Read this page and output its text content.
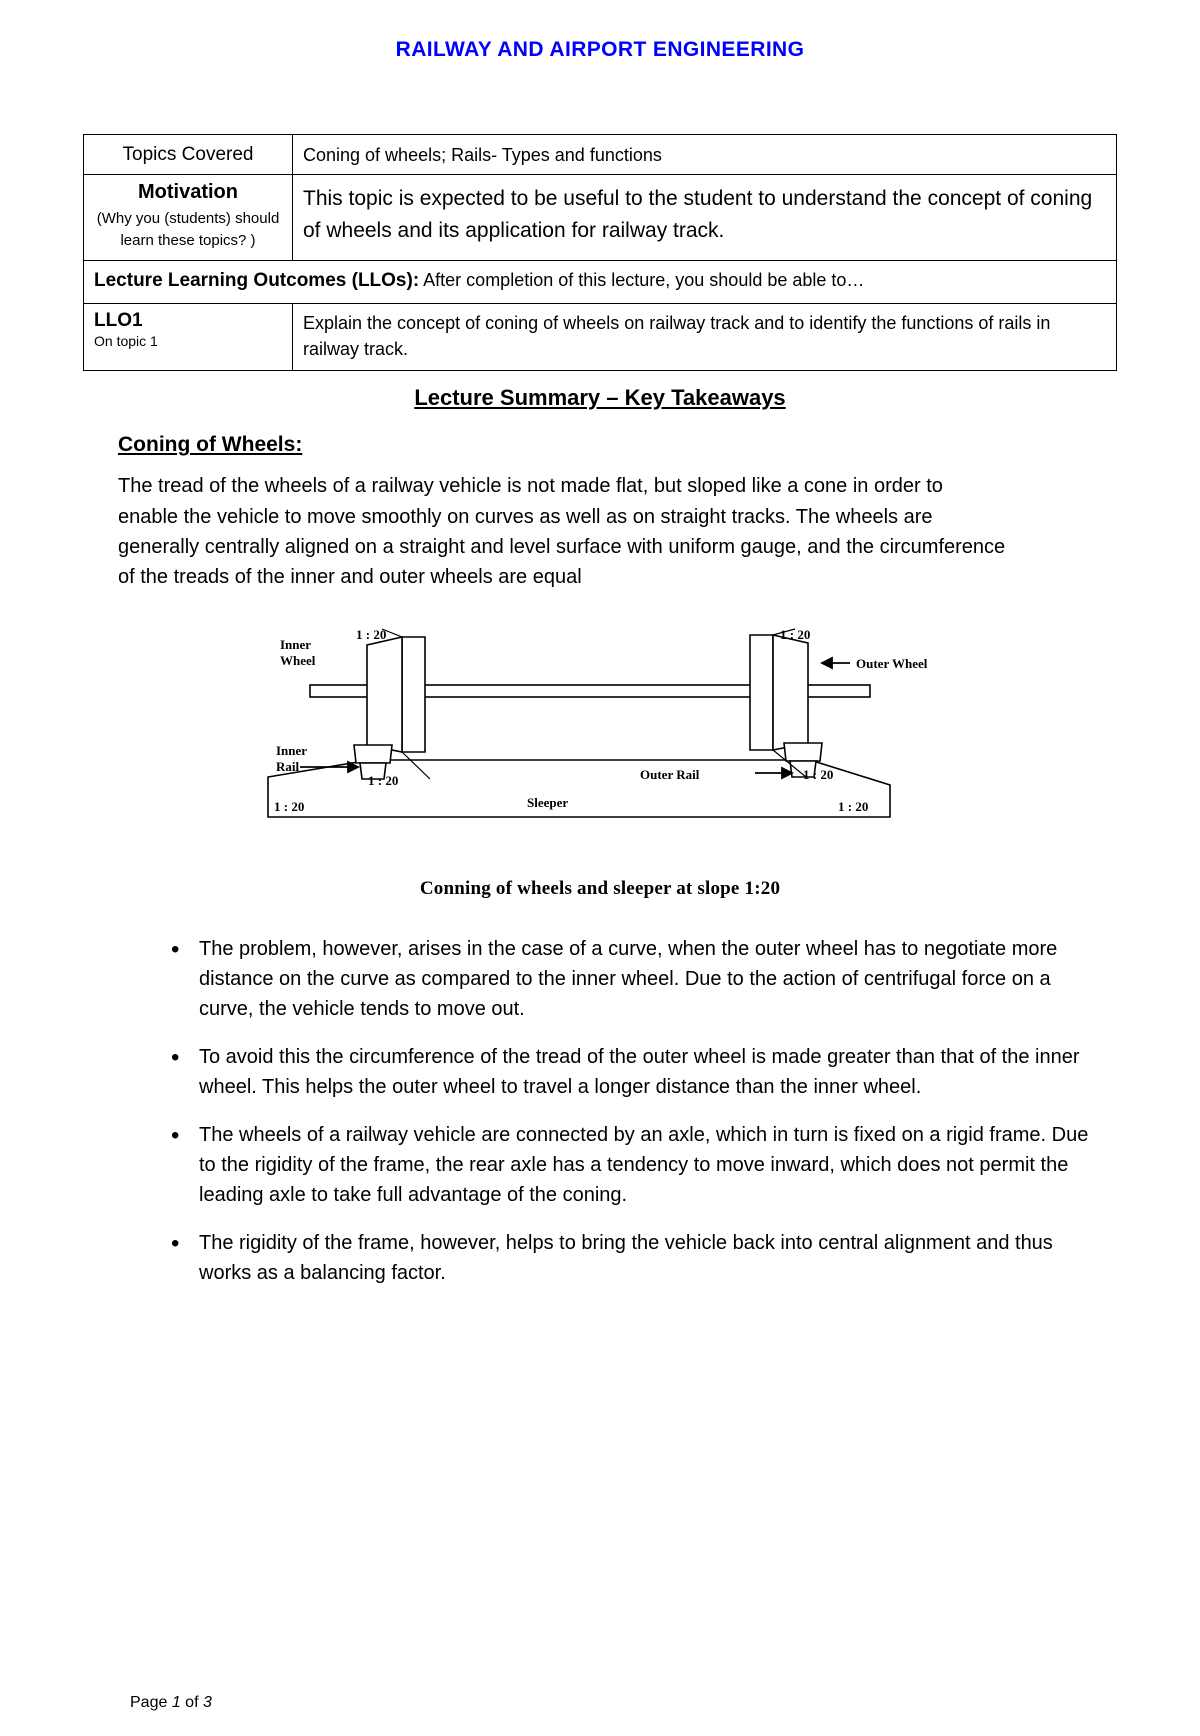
RAILWAY AND AIRPORT ENGINEERING
Topics Covered	Coning of wheels; Rails- Types and functions

Motivation
(Why you (students) should learn these topics? )	This topic is expected to be useful to the student to understand the concept of coning of wheels and its application for railway track.
Lecture Learning Outcomes (LLOs): After completion of this lecture, you should be able to…	

LLO1
On topic 1	Explain the concept of coning of wheels on railway track and to identify the functions of rails in railway track.
Lecture Summary – Key Takeaways
Coning of Wheels:
The tread of the wheels of a railway vehicle is not made flat, but sloped like a cone in order to enable the vehicle to move smoothly on curves as well as on straight tracks. The wheels are generally centrally aligned on a straight and level surface with uniform gauge, and the circumference of the treads of the inner and outer wheels are equal
Inner
Wheel	Outer Wheel
Inner
Rail
Outer Rail
Sleeper
1 : 20	1 : 20
1 : 20	1 : 20
1 : 20	1 : 20
Conning of wheels and sleeper at slope 1:20
• The problem, however, arises in the case of a curve, when the outer wheel has to negotiate more distance on the curve as compared to the inner wheel. Due to the action of centrifugal force on a curve, the vehicle tends to move out.
• To avoid this the circumference of the tread of the outer wheel is made greater than that of the inner wheel. This helps the outer wheel to travel a longer distance than the inner wheel.
• The wheels of a railway vehicle are connected by an axle, which in turn is fixed on a rigid frame. Due to the rigidity of the frame, the rear axle has a tendency to move inward, which does not permit the leading axle to take full advantage of the coning.
• The rigidity of the frame, however, helps to bring the vehicle back into central alignment and thus works as a balancing factor.
Page 1 of 3
